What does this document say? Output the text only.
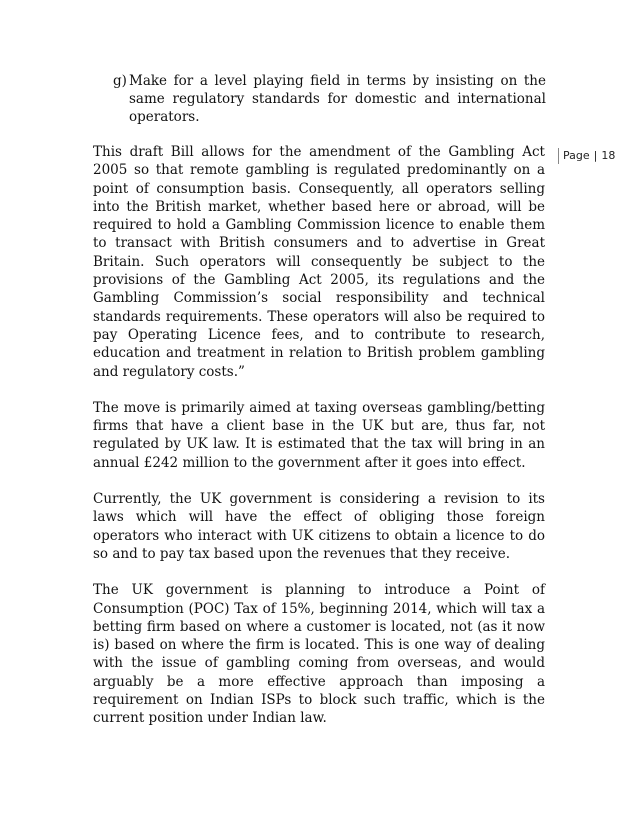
g) Make for a level playing field in terms by insisting on the same regulatory standards for domestic and international operators.

This draft Bill allows for the amendment of the Gambling Act 2005 so that remote gambling is regulated predominantly on a point of consumption basis. Consequently, all operators selling into the British market, whether based here or abroad, will be required to hold a Gambling Commission licence to enable them to transact with British consumers and to advertise in Great Britain. Such operators will consequently be subject to the provisions of the Gambling Act 2005, its regulations and the Gambling Commission’s social responsibility and technical standards requirements. These operators will also be required to pay Operating Licence fees, and to contribute to research, education and treatment in relation to British problem gambling and regulatory costs.”

The move is primarily aimed at taxing overseas gambling/betting firms that have a client base in the UK but are, thus far, not regulated by UK law. It is estimated that the tax will bring in an annual £242 million to the government after it goes into effect.

Currently, the UK government is considering a revision to its laws which will have the effect of obliging those foreign operators who interact with UK citizens to obtain a licence to do so and to pay tax based upon the revenues that they receive.

The UK government is planning to introduce a Point of Consumption (POC) Tax of 15%, beginning 2014, which will tax a betting firm based on where a customer is located, not (as it now is) based on where the firm is located. This is one way of dealing with the issue of gambling coming from overseas, and would arguably be a more effective approach than imposing a requirement on Indian ISPs to block such traffic, which is the current position under Indian law.

Page | 18
